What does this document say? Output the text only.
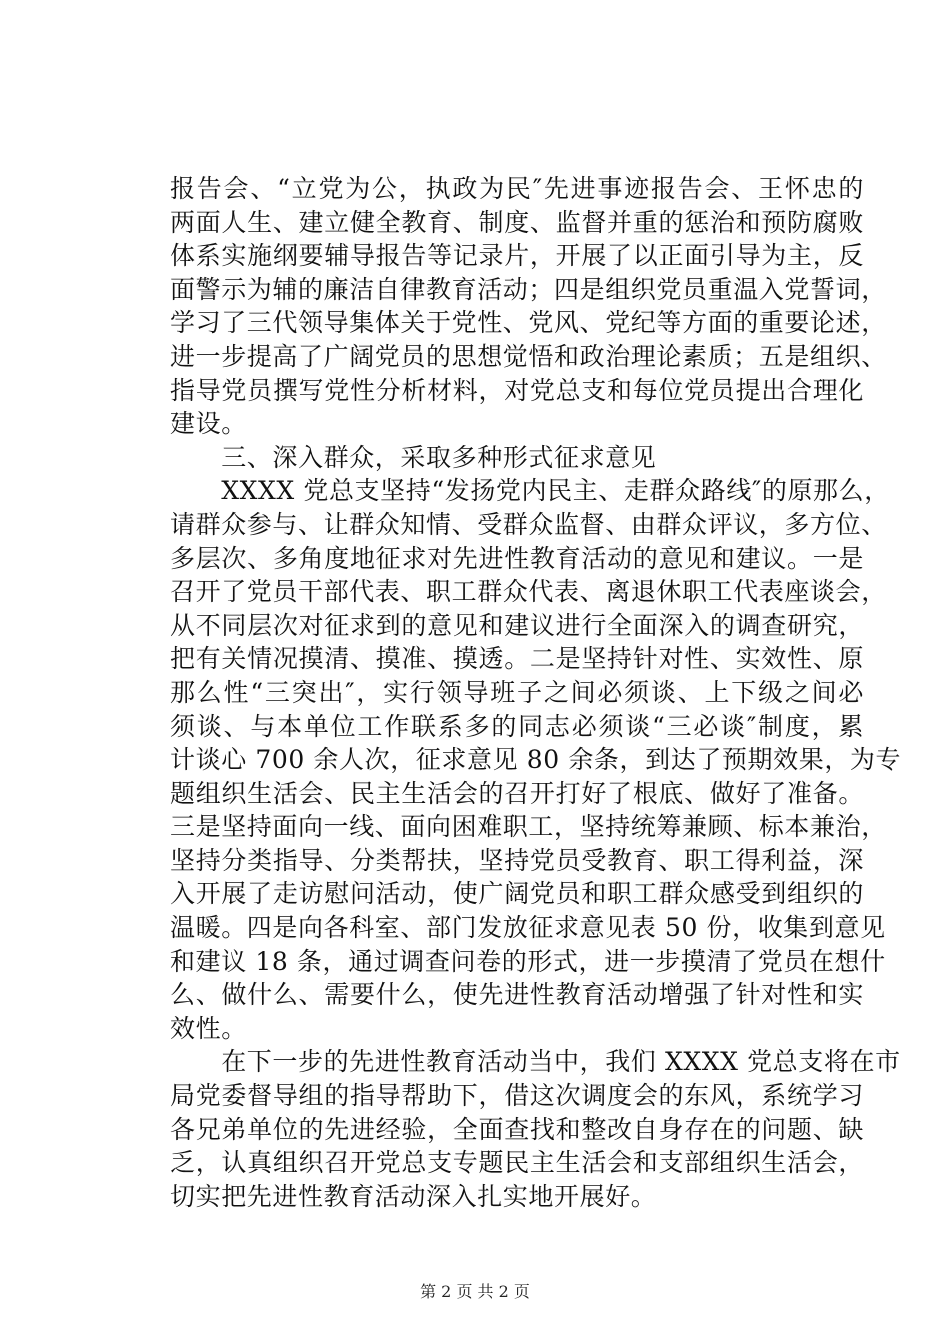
报告会、“立党为公，执政为民″先进事迹报告会、王怀忠的
两面人生、建立健全教育、制度、监督并重的惩治和预防腐败
体系实施纲要辅导报告等记录片，开展了以正面引导为主，反
面警示为辅的廉洁自律教育活动；四是组织党员重温入党誓词，
学习了三代领导集体关于党性、党风、党纪等方面的重要论述，
进一步提高了广阔党员的思想觉悟和政治理论素质；五是组织、
指导党员撰写党性分析材料，对党总支和每位党员提出合理化
建设。
　　三、深入群众，采取多种形式征求意见
　　XXXX 党总支坚持“发扬党内民主、走群众路线″的原那么，
请群众参与、让群众知情、受群众监督、由群众评议，多方位、
多层次、多角度地征求对先进性教育活动的意见和建议。一是
召开了党员干部代表、职工群众代表、离退休职工代表座谈会，
从不同层次对征求到的意见和建议进行全面深入的调查研究，
把有关情况摸清、摸准、摸透。二是坚持针对性、实效性、原
那么性“三突出″，实行领导班子之间必须谈、上下级之间必
须谈、与本单位工作联系多的同志必须谈“三必谈″制度，累
计谈心 700 余人次，征求意见 80 余条，到达了预期效果，为专
题组织生活会、民主生活会的召开打好了根底、做好了准备。
三是坚持面向一线、面向困难职工，坚持统筹兼顾、标本兼治，
坚持分类指导、分类帮扶，坚持党员受教育、职工得利益，深
入开展了走访慰问活动，使广阔党员和职工群众感受到组织的
温暖。四是向各科室、部门发放征求意见表 50 份，收集到意见
和建议 18 条，通过调查问卷的形式，进一步摸清了党员在想什
么、做什么、需要什么，使先进性教育活动增强了针对性和实
效性。
　　在下一步的先进性教育活动当中，我们 XXXX 党总支将在市
局党委督导组的指导帮助下，借这次调度会的东风，系统学习
各兄弟单位的先进经验，全面查找和整改自身存在的问题、缺
乏，认真组织召开党总支专题民主生活会和支部组织生活会，
切实把先进性教育活动深入扎实地开展好。
第 2 页 共 2 页
